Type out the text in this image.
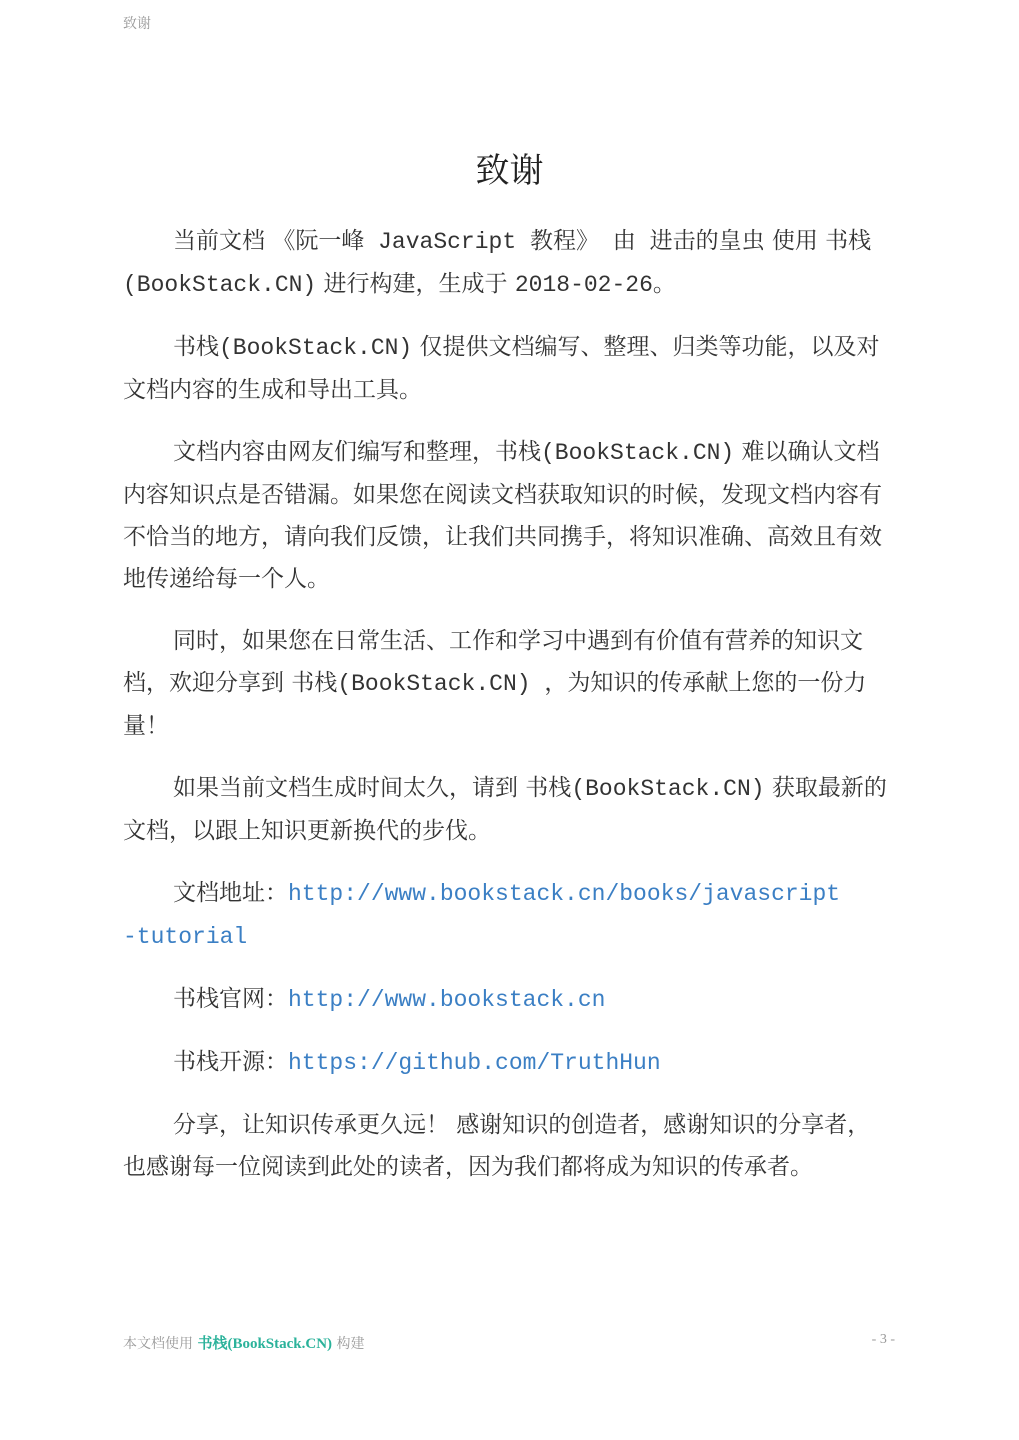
致谢
致谢

当前文档 《阮一峰 JavaScript 教程》 由 进击的皇虫 使用 书栈(BookStack.CN) 进行构建，生成于 2018-02-26。

书栈(BookStack.CN) 仅提供文档编写、整理、归类等功能，以及对文档内容的生成和导出工具。

文档内容由网友们编写和整理，书栈(BookStack.CN) 难以确认文档内容知识点是否错漏。如果您在阅读文档获取知识的时候，发现文档内容有不恰当的地方，请向我们反馈，让我们共同携手，将知识准确、高效且有效地传递给每一个人。

同时，如果您在日常生活、工作和学习中遇到有价值有营养的知识文档，欢迎分享到 书栈(BookStack.CN) ，为知识的传承献上您的一份力量！

如果当前文档生成时间太久，请到 书栈(BookStack.CN) 获取最新的文档，以跟上知识更新换代的步伐。

文档地址：http://www.bookstack.cn/books/javascript-tutorial

书栈官网：http://www.bookstack.cn

书栈开源：https://github.com/TruthHun

分享，让知识传承更久远！ 感谢知识的创造者，感谢知识的分享者，也感谢每一位阅读到此处的读者，因为我们都将成为知识的传承者。

本文档使用 书栈(BookStack.CN) 构建	- 3 -
